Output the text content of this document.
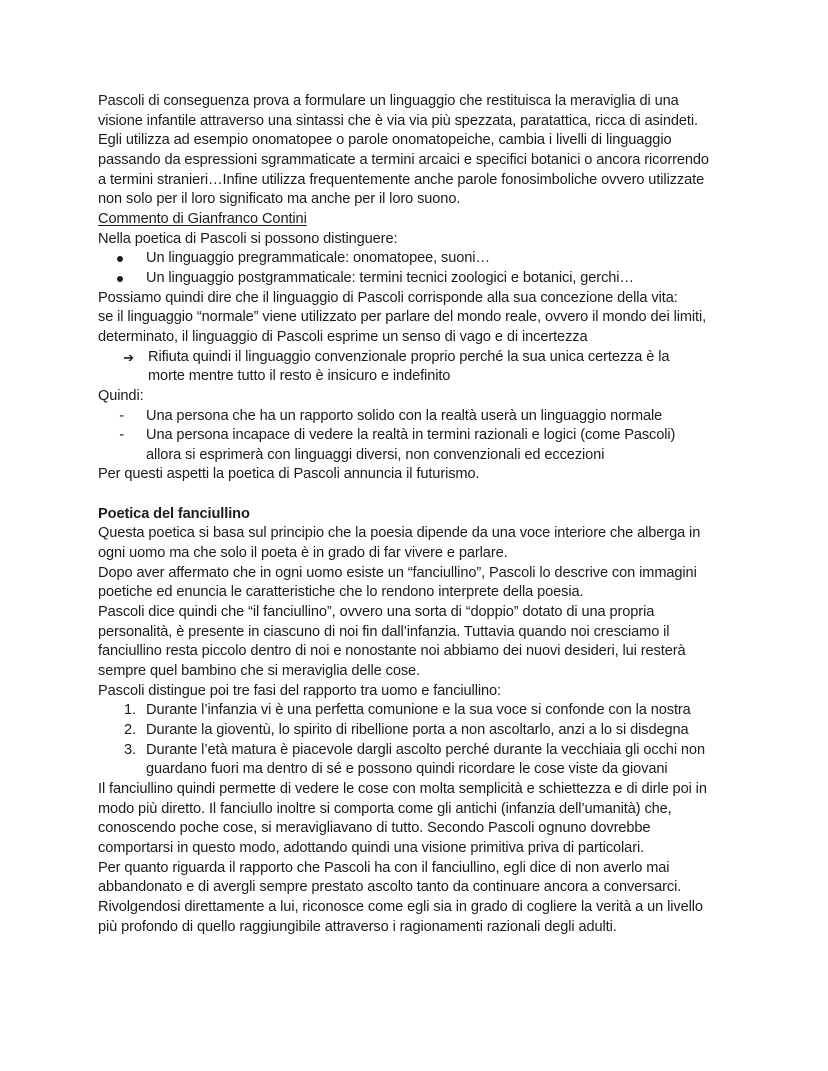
Pascoli di conseguenza prova a formulare un linguaggio che restituisca la meraviglia di una

visione infantile attraverso una sintassi che è via via più spezzata, paratattica, ricca di asindeti.

Egli utilizza ad esempio onomatopee o parole onomatopeiche, cambia i livelli di linguaggio

passando da espressioni sgrammaticate a termini arcaici e specifici botanici o ancora ricorrendo

a termini stranieri…Infine utilizza frequentemente anche parole fonosimboliche ovvero utilizzate

non solo per il loro significato ma anche per il loro suono.

Commento di Gianfranco Contini

Nella poetica di Pascoli si possono distinguere:

Un linguaggio pregrammaticale: onomatopee, suoni…
Un linguaggio postgrammaticale: termini tecnici zoologici e botanici, gerchi…

Possiamo quindi dire che il linguaggio di Pascoli corrisponde alla sua concezione della vita:

se il linguaggio “normale” viene utilizzato per parlare del mondo reale, ovvero il mondo dei limiti,

determinato, il linguaggio di Pascoli esprime un senso di vago e di incertezza

➔ Rifiuta quindi il linguaggio convenzionale proprio perché la sua unica certezza è la

morte mentre tutto il resto è insicuro e indefinito

Quindi:

- Una persona che ha un rapporto solido con la realtà userà un linguaggio normale

- Una persona incapace di vedere la realtà in termini razionali e logici (come Pascoli)

allora si esprimerà con linguaggi diversi, non convenzionali ed eccezioni

Per questi aspetti la poetica di Pascoli annuncia il futurismo.

Poetica del fanciullino

Questa poetica si basa sul principio che la poesia dipende da una voce interiore che alberga in

ogni uomo ma che solo il poeta è in grado di far vivere e parlare.

Dopo aver affermato che in ogni uomo esiste un “fanciullino”, Pascoli lo descrive con immagini

poetiche ed enuncia le caratteristiche che lo rendono interprete della poesia.

Pascoli dice quindi che “il fanciullino”, ovvero una sorta di “doppio” dotato di una propria

personalità, è presente in ciascuno di noi fin dall’infanzia. Tuttavia quando noi cresciamo il

fanciullino resta piccolo dentro di noi e nonostante noi abbiamo dei nuovi desideri, lui resterà

sempre quel bambino che si meraviglia delle cose.

Pascoli distingue poi tre fasi del rapporto tra uomo e fanciullino:

1. Durante l’infanzia vi è una perfetta comunione e la sua voce si confonde con la nostra

2. Durante la gioventù, lo spirito di ribellione porta a non ascoltarlo, anzi a lo si disdegna

3. Durante l’età matura è piacevole dargli ascolto perché durante la vecchiaia gli occhi non

guardano fuori ma dentro di sé e possono quindi ricordare le cose viste da giovani

Il fanciullino quindi permette di vedere le cose con molta semplicità e schiettezza e di dirle poi in

modo più diretto. Il fanciullo inoltre si comporta come gli antichi (infanzia dell’umanità) che,

conoscendo poche cose, si meravigliavano di tutto. Secondo Pascoli ognuno dovrebbe

comportarsi in questo modo, adottando quindi una visione primitiva priva di particolari.

Per quanto riguarda il rapporto che Pascoli ha con il fanciullino, egli dice di non averlo mai

abbandonato e di avergli sempre prestato ascolto tanto da continuare ancora a conversarci.

Rivolgendosi direttamente a lui, riconosce come egli sia in grado di cogliere la verità a un livello

più profondo di quello raggiungibile attraverso i ragionamenti razionali degli adulti.
